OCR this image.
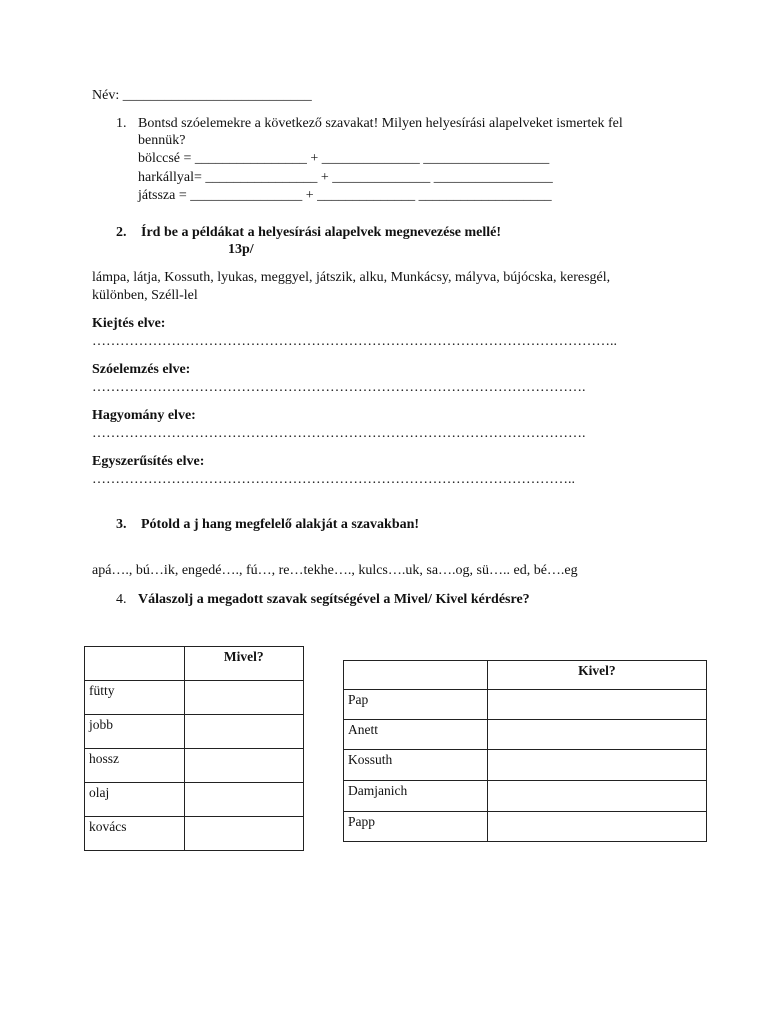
Név: ___________________________
1. Bontsd szóelemekre a következő szavakat! Milyen helyesírási alapelveket ismertek fel
bennük?
bölccsé = ________________ + ______________ __________________
harkállyal= ________________ + ______________ _________________
játssza = ________________ + ______________ ___________________
2. Írd be a példákat a helyesírási alapelvek megnevezése mellé!
13p/
lámpa, látja, Kossuth, lyukas, meggyel, játszik, alku, Munkácsy, mályva, bújócska, keresgél,
különben, Széll-lel
Kiejtés elve:
…………………………………………………………………………………………………..
Szóelemzés elve:
…………………………………………………………………………………………….
Hagyomány elve:
…………………………………………………………………………………………….
Egyszerűsítés elve:
…………………………………………………………………………………………..
3. Pótold a j hang megfelelő alakját a szavakban!
apá…., bú…ik, engedé…., fú…, re…tekhe…., kulcs….uk, sa….og, sü….. ed, bé….eg
4. Válaszolj a megadott szavak segítségével a Mivel/ Kivel kérdésre?
	Mivel?
fütty	
jobb	
hossz	
olaj	
kovács	
	Kivel?
Pap	
Anett	
Kossuth	
Damjanich	
Papp	
